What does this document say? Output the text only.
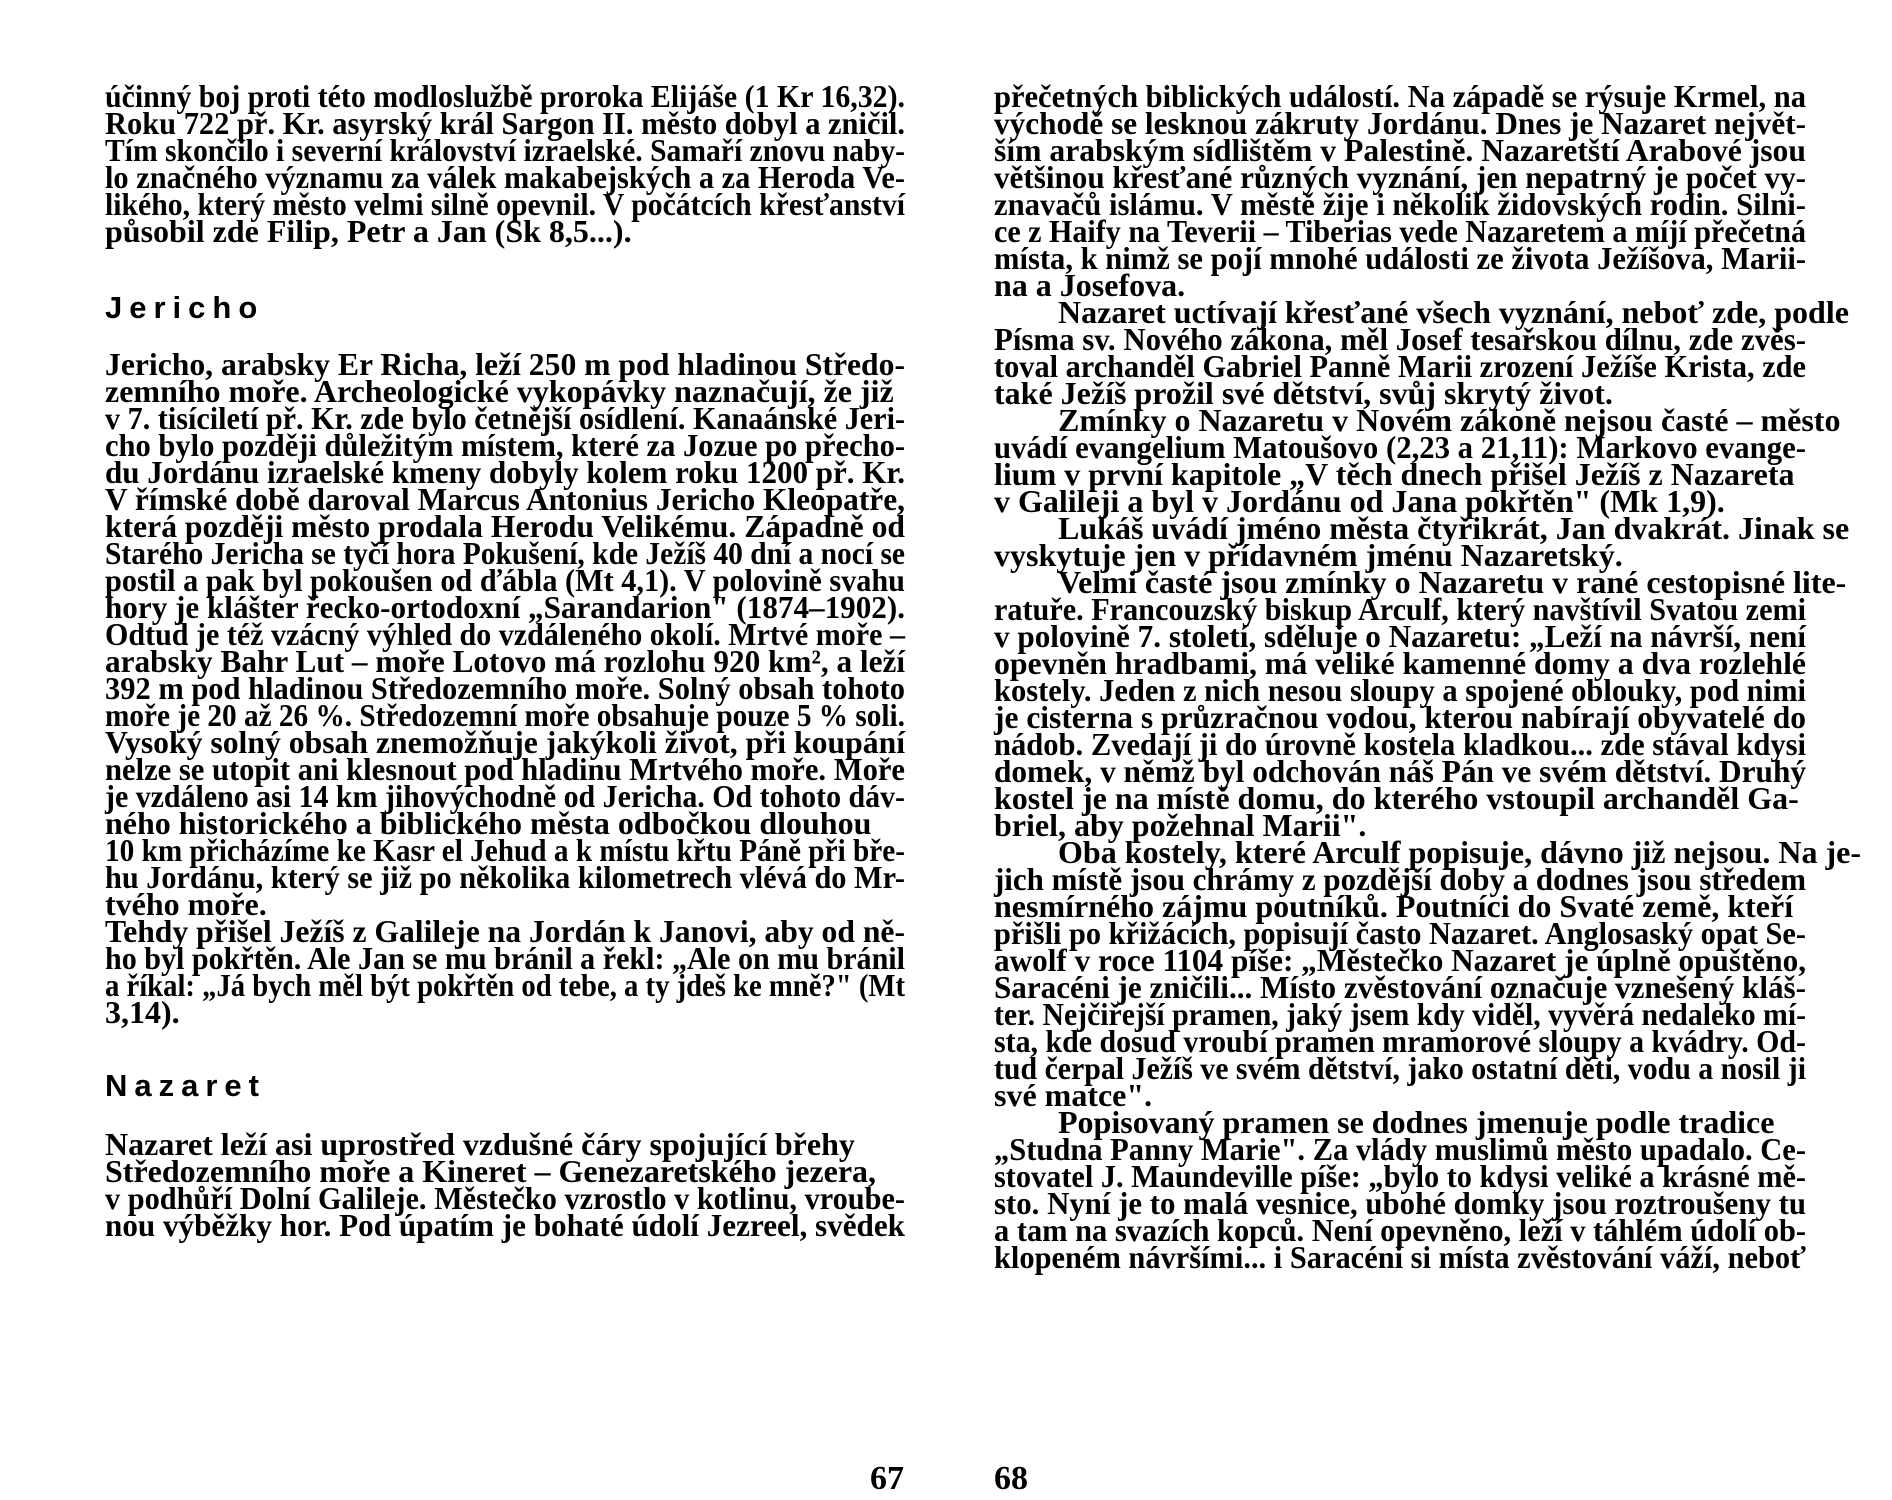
účinný boj proti této modloslužbě proroka Elijáše (1 Kr 16,32).
Roku 722 př. Kr. asyrský král Sargon II. město dobyl a zničil.
Tím skončilo i severní království izraelské. Samaří znovu naby-
lo značného významu za válek makabejských a za Heroda Ve-
likého, který město velmi silně opevnil. V počátcích křesťanství
působil zde Filip, Petr a Jan (Sk 8,5...).
Jericho
Jericho, arabsky Er Richa, leží 250 m pod hladinou Středo-
zemního moře. Archeologické vykopávky naznačují, že již
v 7. tisíciletí př. Kr. zde bylo četnější osídlení. Kanaánské Jeri-
cho bylo později důležitým místem, které za Jozue po přecho-
du Jordánu izraelské kmeny dobyly kolem roku 1200 př. Kr.
V římské době daroval Marcus Antonius Jericho Kleopatře,
která později město prodala Herodu Velikému. Západně od
Starého Jericha se tyčí hora Pokušení, kde Ježíš 40 dní a nocí se
postil a pak byl pokoušen od ďábla (Mt 4,1). V polovině svahu
hory je klášter řecko-ortodoxní „Sarandarion" (1874–1902).
Odtud je též vzácný výhled do vzdáleného okolí. Mrtvé moře –
arabsky Bahr Lut – moře Lotovo má rozlohu 920 km², a leží
392 m pod hladinou Středozemního moře. Solný obsah tohoto
moře je 20 až 26 %. Středozemní moře obsahuje pouze 5 % soli.
Vysoký solný obsah znemožňuje jakýkoli život, při koupání
nelze se utopit ani klesnout pod hladinu Mrtvého moře. Moře
je vzdáleno asi 14 km jihovýchodně od Jericha. Od tohoto dáv-
ného historického a biblického města odbočkou dlouhou
10 km přicházíme ke Kasr el Jehud a k místu křtu Páně při bře-
hu Jordánu, který se již po několika kilometrech vlévá do Mr-
tvého moře.
Tehdy přišel Ježíš z Galileje na Jordán k Janovi, aby od ně-
ho byl pokřtěn. Ale Jan se mu bránil a řekl: „Ale on mu bránil
a říkal: „Já bych měl být pokřtěn od tebe, a ty jdeš ke mně?" (Mt
3,14).
Nazaret
Nazaret leží asi uprostřed vzdušné čáry spojující břehy
Středozemního moře a Kineret – Genezaretského jezera,
v podhůří Dolní Galileje. Městečko vzrostlo v kotlinu, vroube-
nou výběžky hor. Pod úpatím je bohaté údolí Jezreel, svědek
67
přečetných biblických událostí. Na západě se rýsuje Krmel, na
východě se lesknou zákruty Jordánu. Dnes je Nazaret největ-
ším arabským sídlištěm v Palestině. Nazaretští Arabové jsou
většinou křesťané různých vyznání, jen nepatrný je počet vy-
znavačů islámu. V městě žije i několik židovských rodin. Silni-
ce z Haify na Teverii – Tiberias vede Nazaretem a míjí přečetná
místa, k nimž se pojí mnohé události ze života Ježíšova, Marii-
na a Josefova.
Nazaret uctívají křesťané všech vyznání, neboť zde, podle
Písma sv. Nového zákona, měl Josef tesařskou dílnu, zde zvěs-
toval archanděl Gabriel Panně Marii zrození Ježíše Krista, zde
také Ježíš prožil své dětství, svůj skrytý život.
Zmínky o Nazaretu v Novém zákoně nejsou časté – město
uvádí evangelium Matoušovo (2,23 a 21,11): Markovo evange-
lium v první kapitole „V těch dnech přišel Ježíš z Nazareta
v Galileji a byl v Jordánu od Jana pokřtěn" (Mk 1,9).
Lukáš uvádí jméno města čtyřikrát, Jan dvakrát. Jinak se
vyskytuje jen v přídavném jménu Nazaretský.
Velmi časté jsou zmínky o Nazaretu v rané cestopisné lite-
ratuře. Francouzský biskup Arculf, který navštívil Svatou zemi
v polovině 7. století, sděluje o Nazaretu: „Leží na návrší, není
opevněn hradbami, má veliké kamenné domy a dva rozlehlé
kostely. Jeden z nich nesou sloupy a spojené oblouky, pod nimi
je cisterna s průzračnou vodou, kterou nabírají obyvatelé do
nádob. Zvedají ji do úrovně kostela kladkou... zde stával kdysi
domek, v němž byl odchován náš Pán ve svém dětství. Druhý
kostel je na místě domu, do kterého vstoupil archanděl Ga-
briel, aby požehnal Marii".
Oba kostely, které Arculf popisuje, dávno již nejsou. Na je-
jich místě jsou chrámy z pozdější doby a dodnes jsou středem
nesmírného zájmu poutníků. Poutníci do Svaté země, kteří
přišli po křižácích, popisují často Nazaret. Anglosaský opat Se-
awolf v roce 1104 píše: „Městečko Nazaret je úplně opuštěno,
Saracéni je zničili... Místo zvěstování označuje vznešený kláš-
ter. Nejčiřejší pramen, jaký jsem kdy viděl, vyvěrá nedaleko mí-
sta, kde dosud vroubí pramen mramorové sloupy a kvádry. Od-
tud čerpal Ježíš ve svém dětství, jako ostatní děti, vodu a nosil ji
své matce".
Popisovaný pramen se dodnes jmenuje podle tradice
„Studna Panny Marie". Za vlády muslimů město upadalo. Ce-
stovatel J. Maundeville píše: „bylo to kdysi veliké a krásné mě-
sto. Nyní je to malá vesnice, ubohé domky jsou roztroušeny tu
a tam na svazích kopců. Není opevněno, leží v táhlém údolí ob-
klopeném návršími... i Saracéni si místa zvěstování váží, neboť
68
